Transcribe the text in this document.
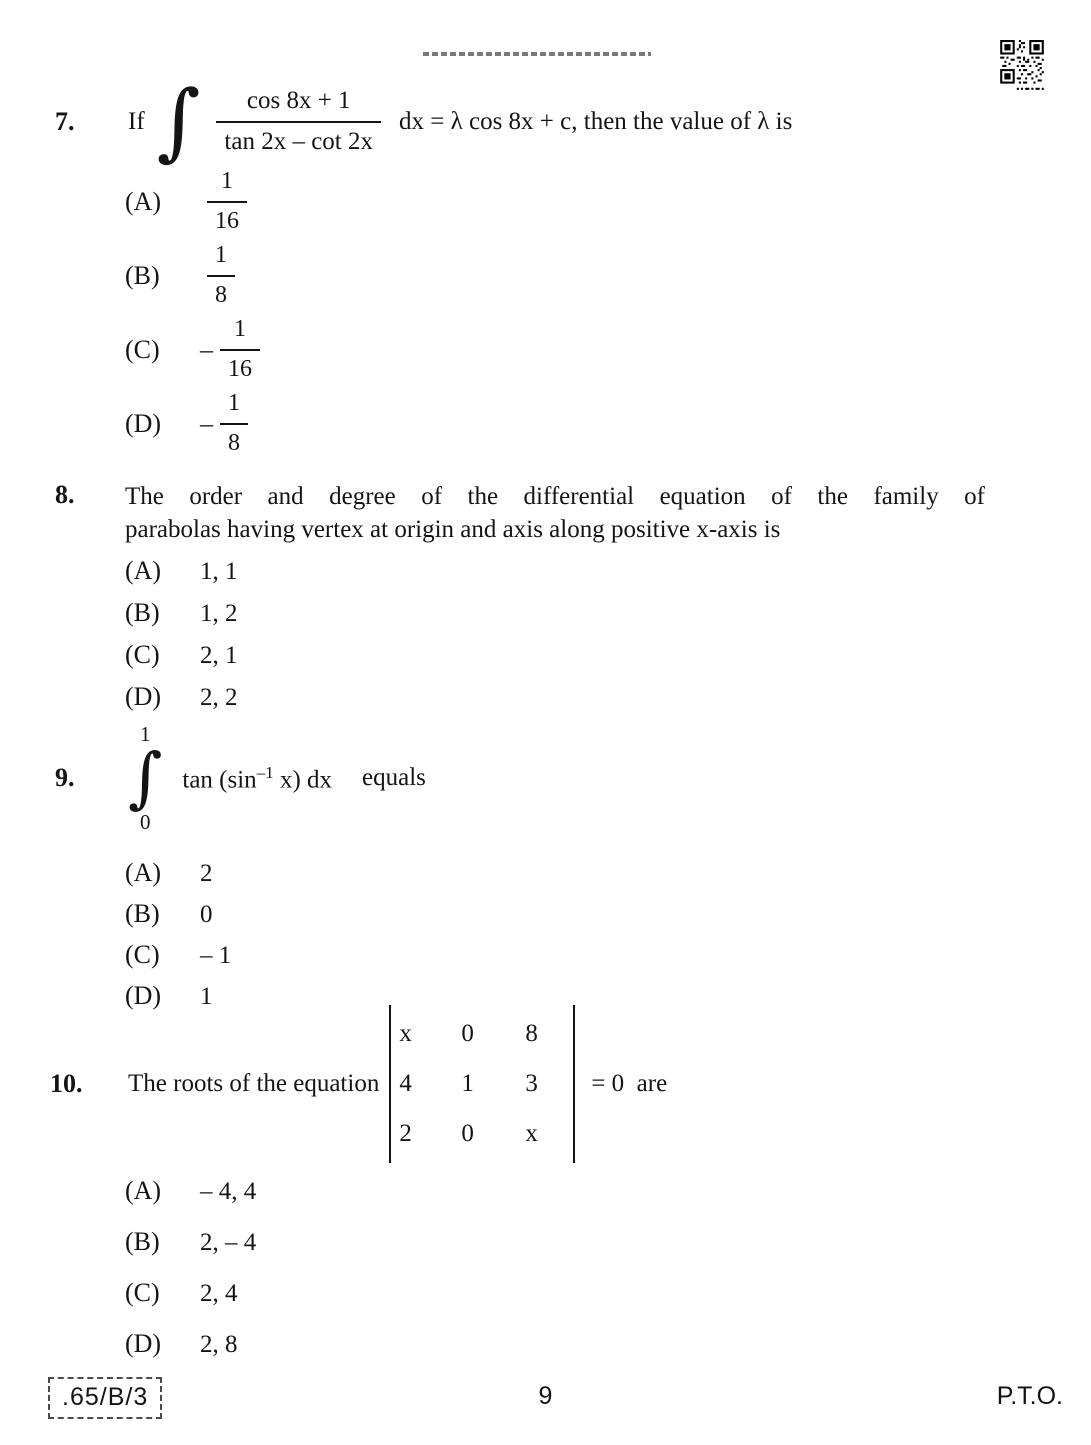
7.	If ∫ $\frac{\cos 8x + 1}{\tan 2x - \cot 2x}$ dx = λ cos 8x + c, then the value of λ is
(A)	$\frac{1}{16}$
(B)	$\frac{1}{8}$
(C)	– $\frac{1}{16}$
(D)	– $\frac{1}{8}$
8.	The order and degree of the differential equation of the family of
parabolas having vertex at origin and axis along positive x-axis is
(A)	1, 1
(B)	1, 2
(C)	2, 1
(D)	2, 2
9.
1
∫
0
$\tan (\sin^{-1}$ x) dx equals
(A)	2
(B)	0
(C)	– 1
(D)	1
10.	The roots of the equation
x	0	8
4	1	3
2	0	x
= 0  are
(A)	– 4, 4
(B)	2, – 4
(C)	2, 4
(D)	2, 8
.65/B/3	9	P.T.O.
